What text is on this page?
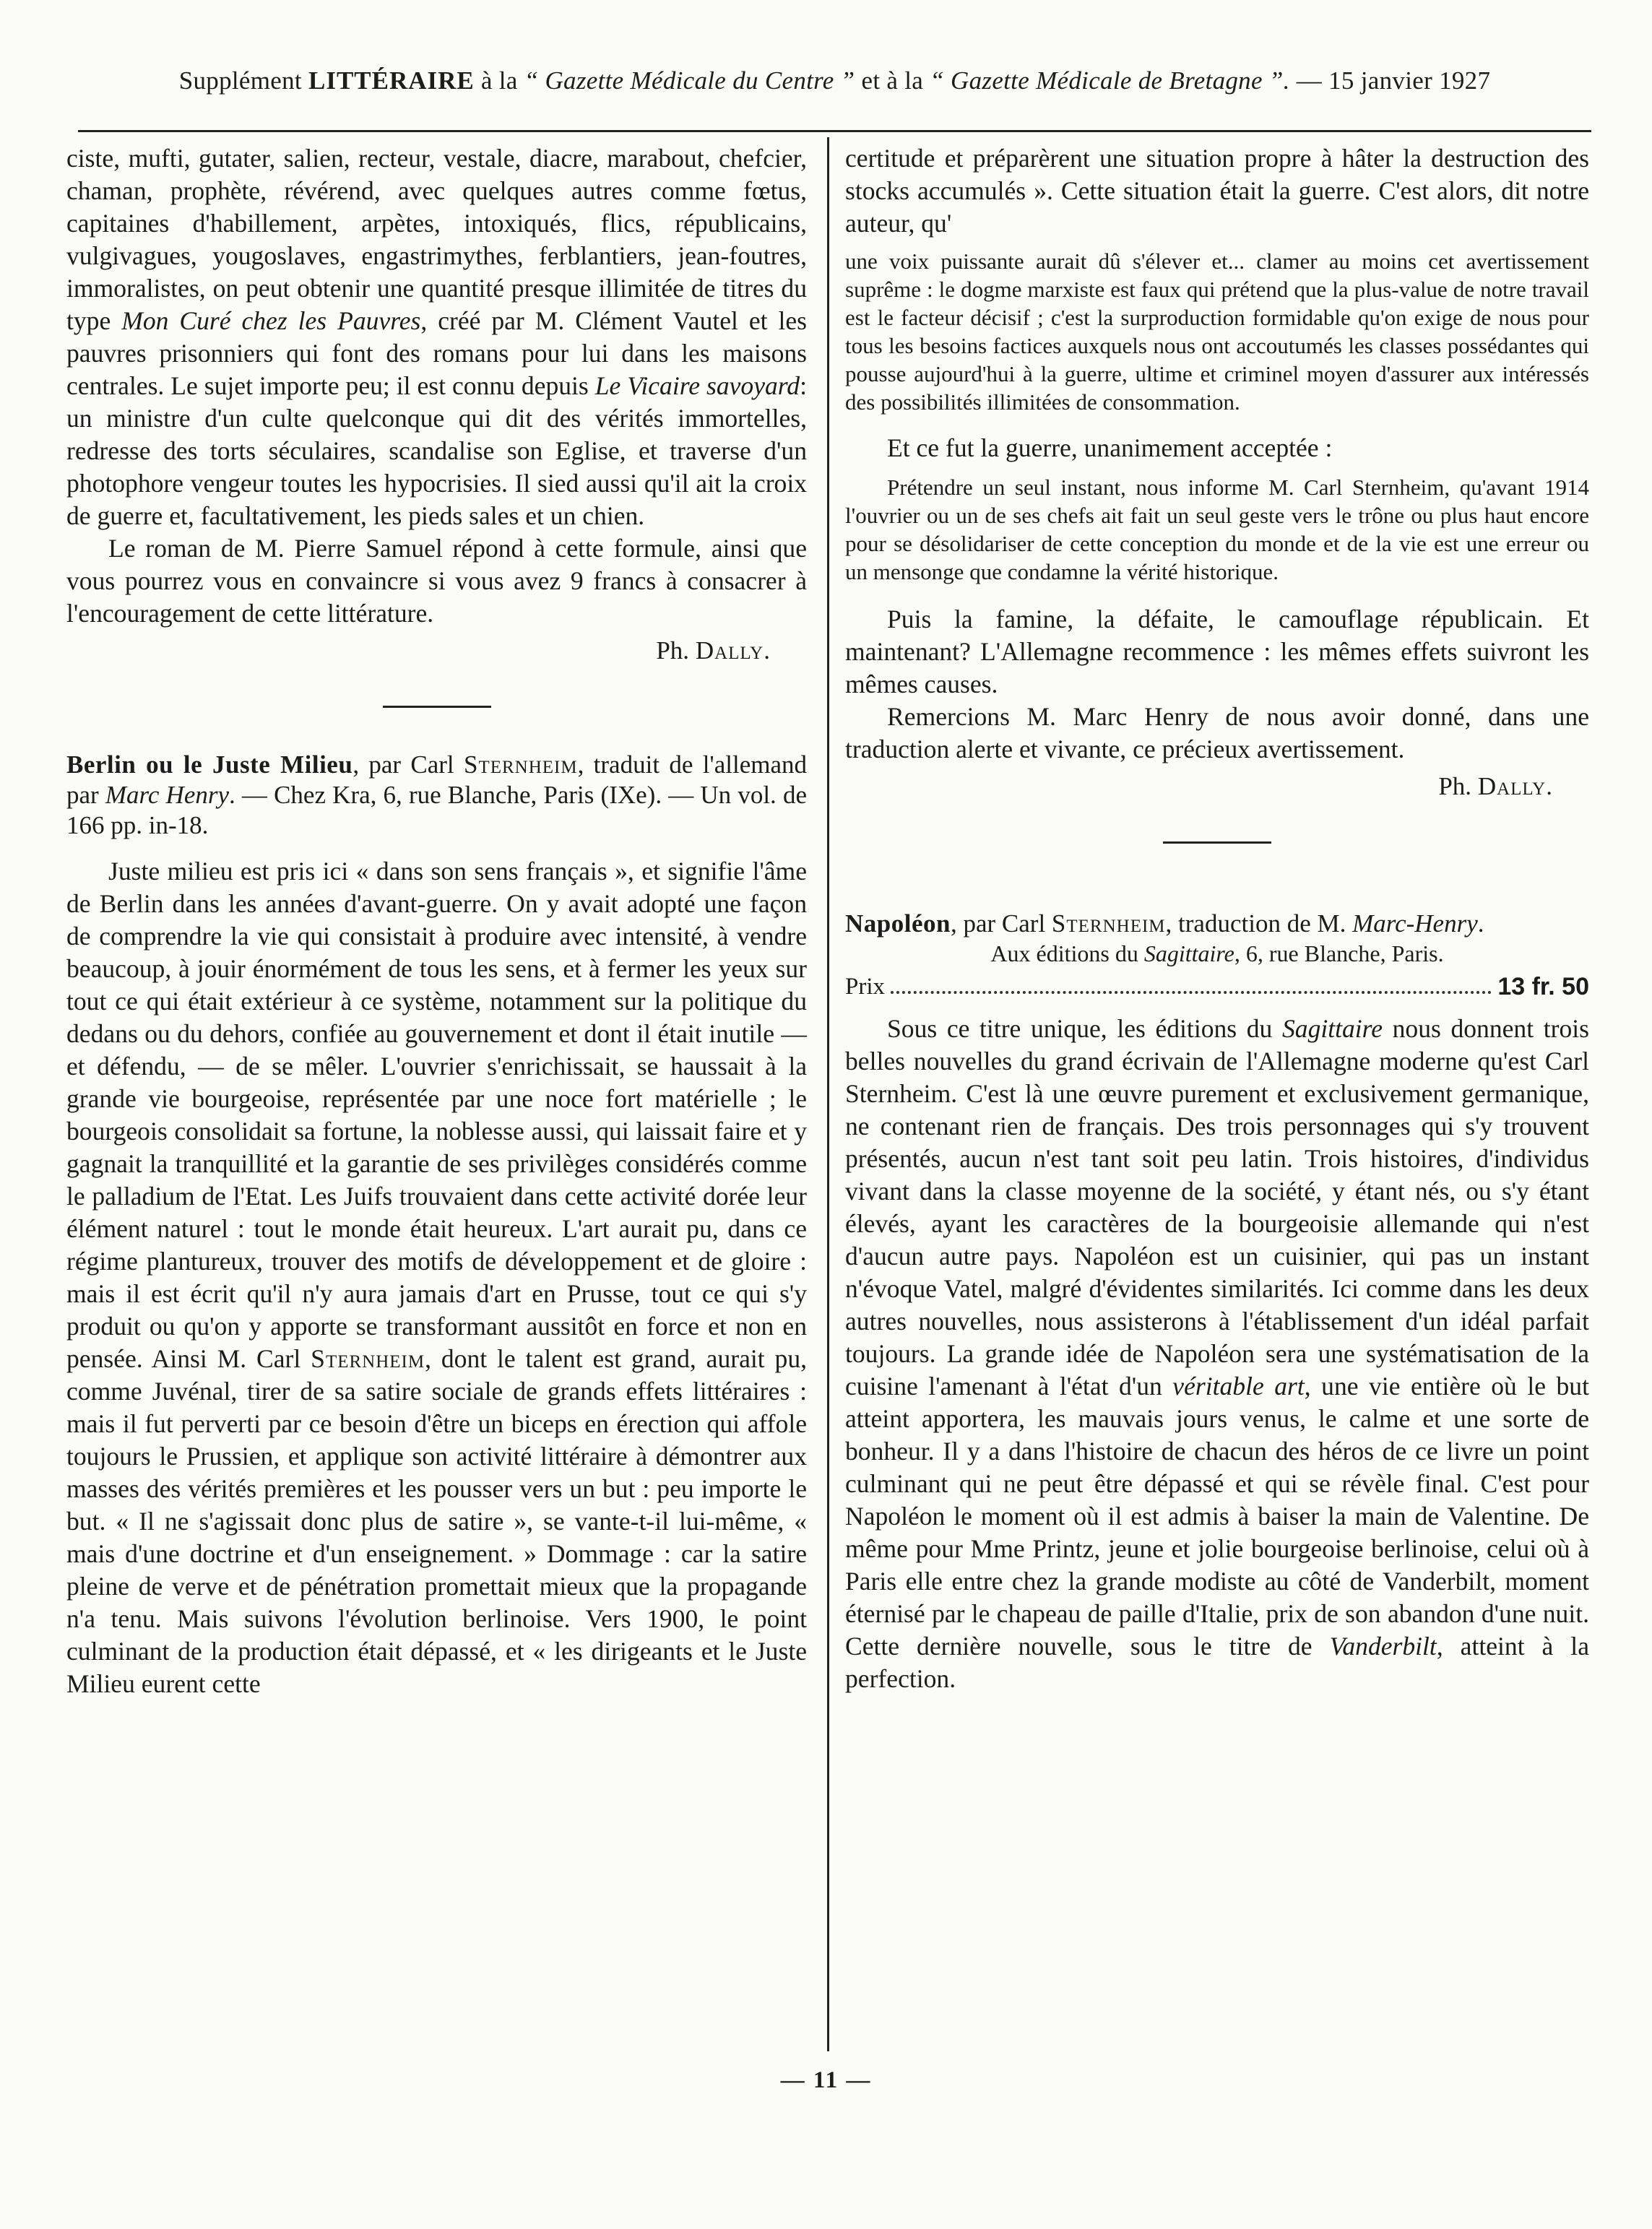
Supplément LITTÉRAIRE à la “ Gazette Médicale du Centre ” et à la “ Gazette Médicale de Bretagne ”. — 15 janvier 1927

ciste, mufti, gutater, salien, recteur, vestale, diacre, marabout, chefcier, chaman, prophète, révérend, avec quelques autres comme fœtus, capitaines d'habillement, arpètes, intoxiqués, flics, républicains, vulgivagues, yougoslaves, engastrimythes, ferblantiers, jean-foutres, immoralistes, on peut obtenir une quantité presque illimitée de titres du type Mon Curé chez les Pauvres, créé par M. Clément Vautel et les pauvres prisonniers qui font des romans pour lui dans les maisons centrales. Le sujet importe peu; il est connu depuis Le Vicaire savoyard: un ministre d'un culte quelconque qui dit des vérités immortelles, redresse des torts séculaires, scandalise son Eglise, et traverse d'un photophore vengeur toutes les hypocrisies. Il sied aussi qu'il ait la croix de guerre et, facultativement, les pieds sales et un chien.

Le roman de M. Pierre Samuel répond à cette formule, ainsi que vous pourrez vous en convaincre si vous avez 9 francs à consacrer à l'encouragement de cette littérature.

Ph. Dally.

Berlin ou le Juste Milieu, par Carl Sternheim, traduit de l'allemand par Marc Henry. — Chez Kra, 6, rue Blanche, Paris (IXe). — Un vol. de 166 pp. in-18.

Juste milieu est pris ici « dans son sens français », et signifie l'âme de Berlin dans les années d'avant-guerre. On y avait adopté une façon de comprendre la vie qui consistait à produire avec intensité, à vendre beaucoup, à jouir énormément de tous les sens, et à fermer les yeux sur tout ce qui était extérieur à ce système, notamment sur la politique du dedans ou du dehors, confiée au gouvernement et dont il était inutile — et défendu, — de se mêler. L'ouvrier s'enrichissait, se haussait à la grande vie bourgeoise, représentée par une noce fort matérielle ; le bourgeois consolidait sa fortune, la noblesse aussi, qui laissait faire et y gagnait la tranquillité et la garantie de ses privilèges considérés comme le palladium de l'Etat. Les Juifs trouvaient dans cette activité dorée leur élément naturel : tout le monde était heureux. L'art aurait pu, dans ce régime plantureux, trouver des motifs de développement et de gloire : mais il est écrit qu'il n'y aura jamais d'art en Prusse, tout ce qui s'y produit ou qu'on y apporte se transformant aussitôt en force et non en pensée. Ainsi M. Carl Sternheim, dont le talent est grand, aurait pu, comme Juvénal, tirer de sa satire sociale de grands effets littéraires : mais il fut perverti par ce besoin d'être un biceps en érection qui affole toujours le Prussien, et applique son activité littéraire à démontrer aux masses des vérités premières et les pousser vers un but : peu importe le but. « Il ne s'agissait donc plus de satire », se vante-t-il lui-même, « mais d'une doctrine et d'un enseignement. » Dommage : car la satire pleine de verve et de pénétration promettait mieux que la propagande n'a tenu. Mais suivons l'évolution berlinoise. Vers 1900, le point culminant de la production était dépassé, et « les dirigeants et le Juste Milieu eurent cette

certitude et préparèrent une situation propre à hâter la destruction des stocks accumulés ». Cette situation était la guerre. C'est alors, dit notre auteur, qu'

une voix puissante aurait dû s'élever et... clamer au moins cet avertissement suprême : le dogme marxiste est faux qui prétend que la plus-value de notre travail est le facteur décisif ; c'est la surproduction formidable qu'on exige de nous pour tous les besoins factices auxquels nous ont accoutumés les classes possédantes qui pousse aujourd'hui à la guerre, ultime et criminel moyen d'assurer aux intéressés des possibilités illimitées de consommation.

Et ce fut la guerre, unanimement acceptée :

Prétendre un seul instant, nous informe M. Carl Sternheim, qu'avant 1914 l'ouvrier ou un de ses chefs ait fait un seul geste vers le trône ou plus haut encore pour se désolidariser de cette conception du monde et de la vie est une erreur ou un mensonge que condamne la vérité historique.

Puis la famine, la défaite, le camouflage républicain. Et maintenant? L'Allemagne recommence : les mêmes effets suivront les mêmes causes.

Remercions M. Marc Henry de nous avoir donné, dans une traduction alerte et vivante, ce précieux avertissement.

Ph. Dally.

Napoléon, par Carl Sternheim, traduction de M. Marc-Henry.

Aux éditions du Sagittaire, 6, rue Blanche, Paris.

Prix	13 fr. 50

Sous ce titre unique, les éditions du Sagittaire nous donnent trois belles nouvelles du grand écrivain de l'Allemagne moderne qu'est Carl Sternheim. C'est là une œuvre purement et exclusivement germanique, ne contenant rien de français. Des trois personnages qui s'y trouvent présentés, aucun n'est tant soit peu latin. Trois histoires, d'individus vivant dans la classe moyenne de la société, y étant nés, ou s'y étant élevés, ayant les caractères de la bourgeoisie allemande qui n'est d'aucun autre pays. Napoléon est un cuisinier, qui pas un instant n'évoque Vatel, malgré d'évidentes similarités. Ici comme dans les deux autres nouvelles, nous assisterons à l'établissement d'un idéal parfait toujours. La grande idée de Napoléon sera une systématisation de la cuisine l'amenant à l'état d'un véritable art, une vie entière où le but atteint apportera, les mauvais jours venus, le calme et une sorte de bonheur. Il y a dans l'histoire de chacun des héros de ce livre un point culminant qui ne peut être dépassé et qui se révèle final. C'est pour Napoléon le moment où il est admis à baiser la main de Valentine. De même pour Mme Printz, jeune et jolie bourgeoise berlinoise, celui où à Paris elle entre chez la grande modiste au côté de Vanderbilt, moment éternisé par le chapeau de paille d'Italie, prix de son abandon d'une nuit. Cette dernière nouvelle, sous le titre de Vanderbilt, atteint à la perfection.

— 11 —
